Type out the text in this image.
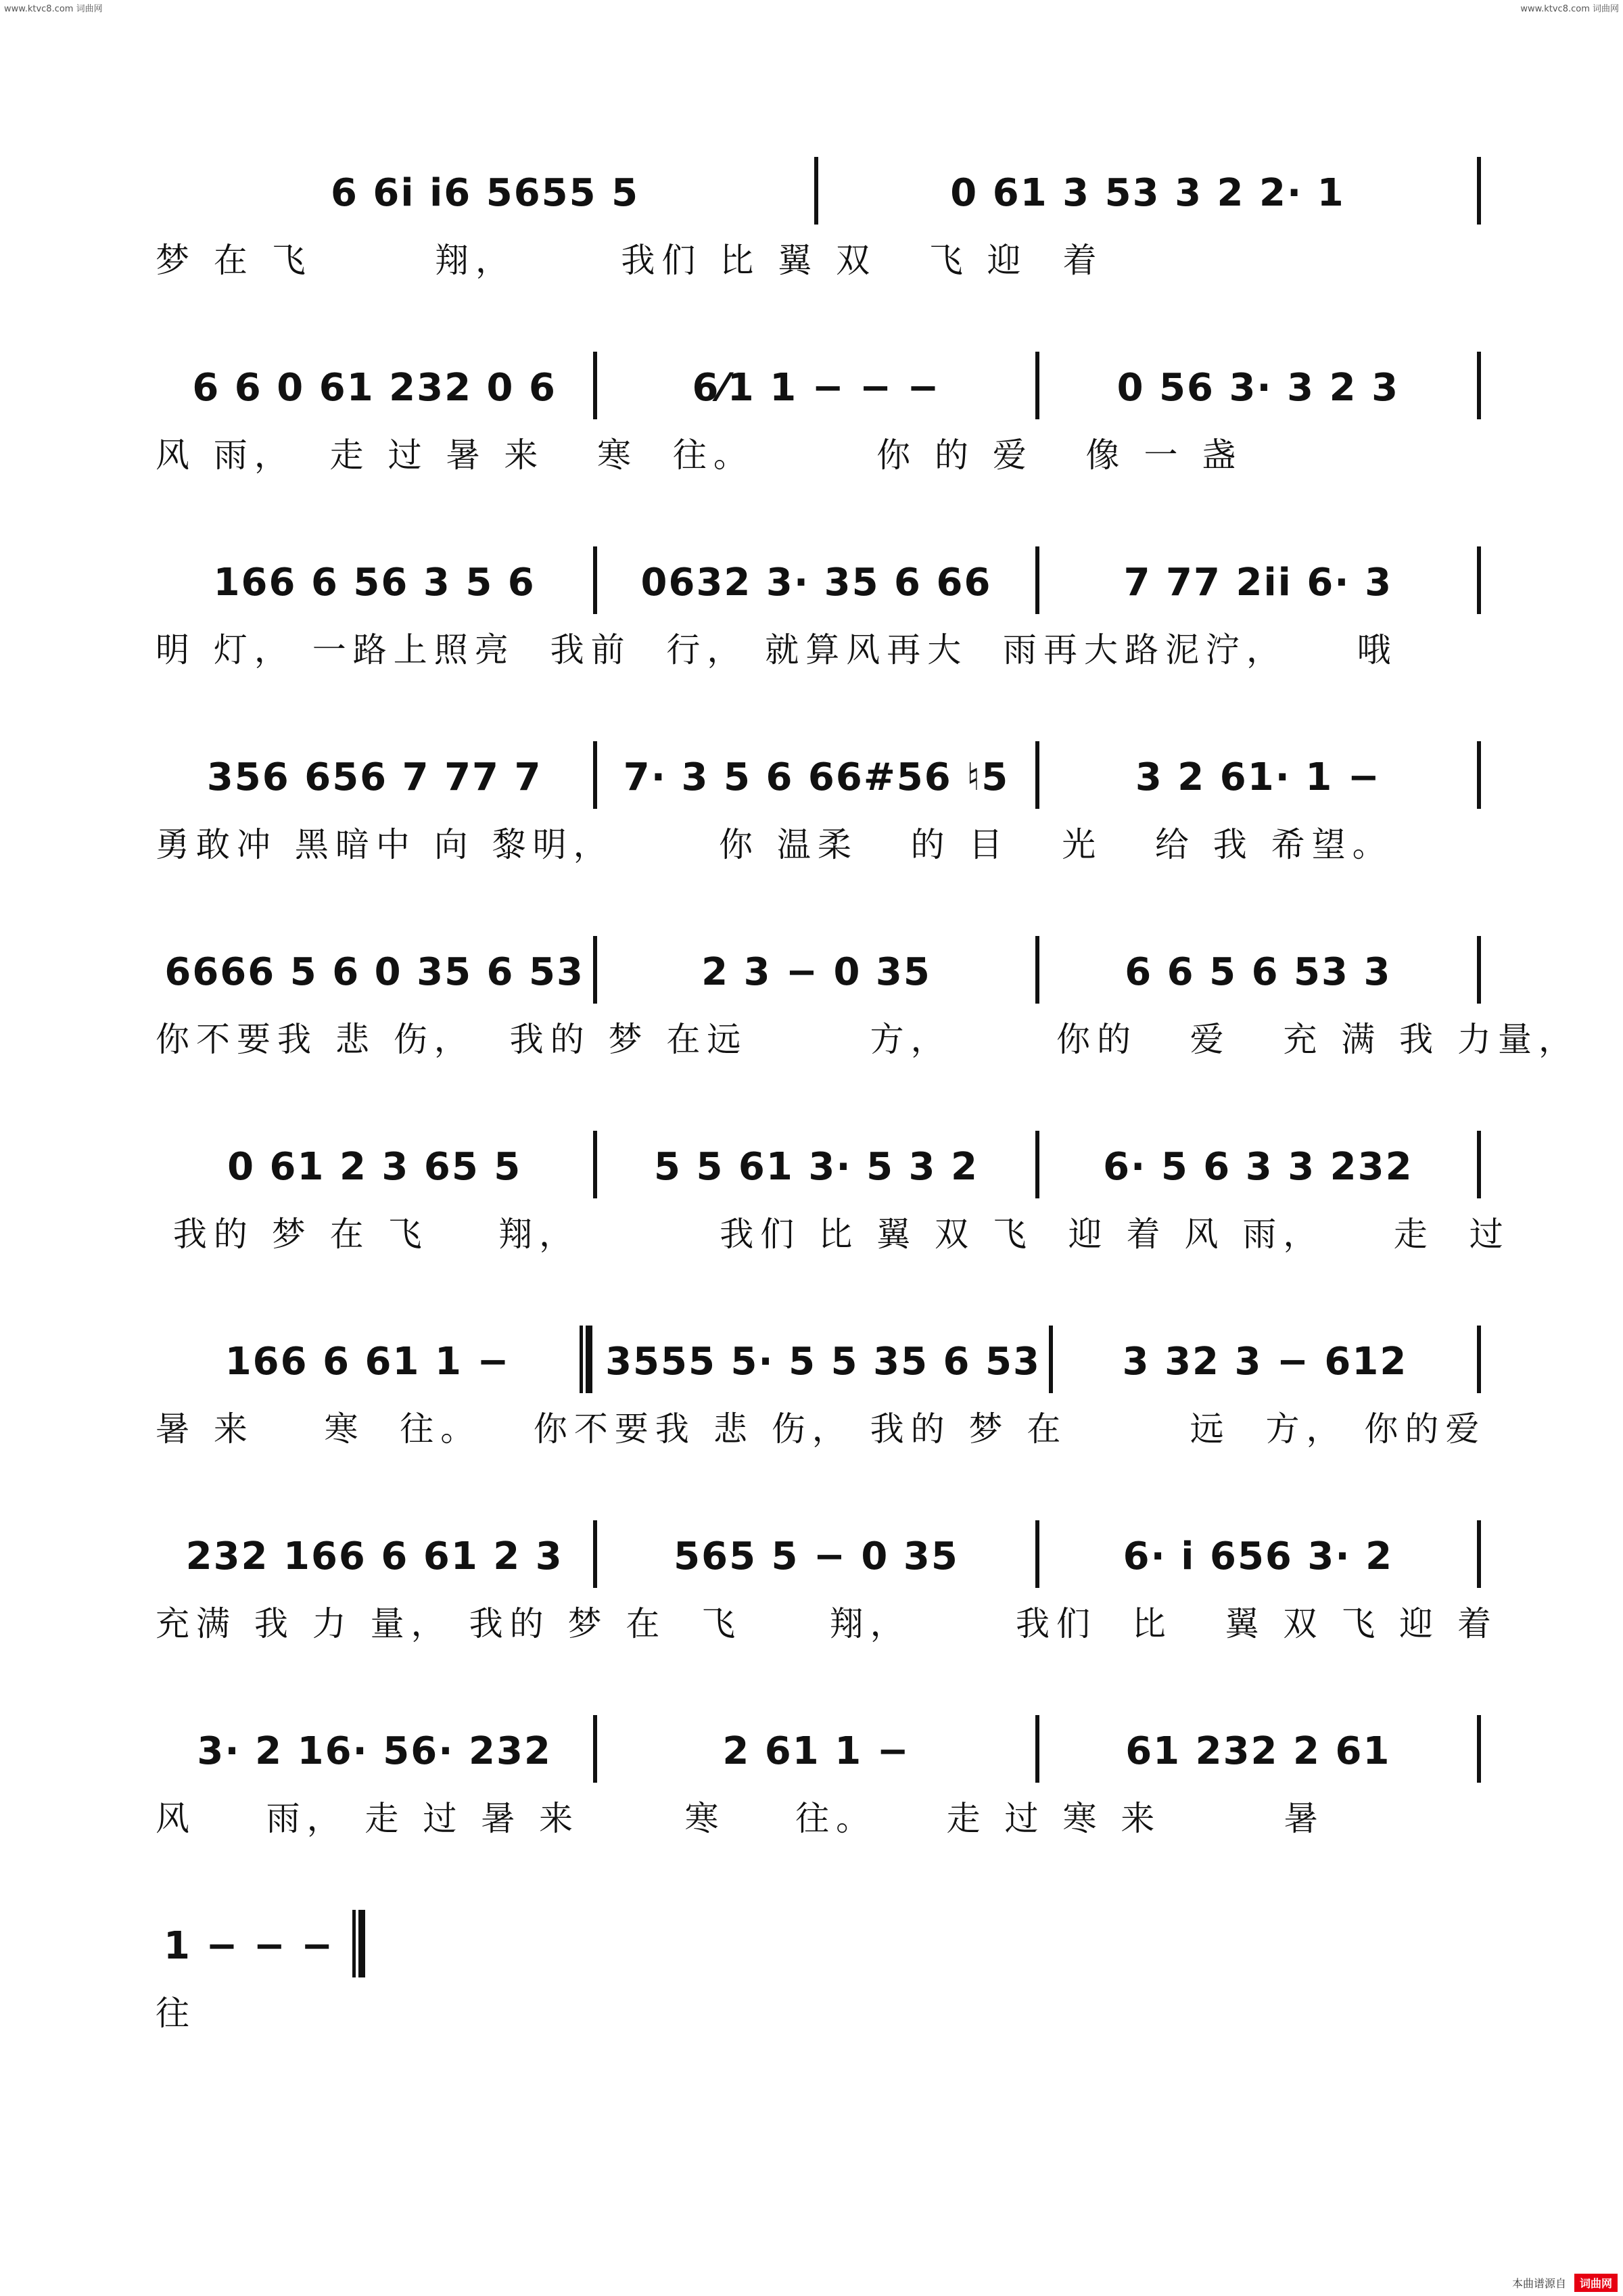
www.ktvc8.com 词曲网	www.ktvc8.com 词曲网
6 6i i6 5655 5	0 61 3 53 3 2 2· 1
梦 在 飞       翔，      我们 比 翼 双   飞 迎  着
6 6 0 61 232 0 6	6⁄1 1 − − −	0 56 3· 3 2 3
风 雨，  走 过 暑 来   寒  往。       你 的 爱   像 一 盏
166 6 56 3 5 6	0632 3· 35 6 66	7 77 2ii 6· 3
明 灯， 一路上照亮  我前  行， 就算风再大  雨再大路泥泞，    哦
356 656 7 77 7	7· 3 5 6 66#56 ♮5	3 2 61· 1 −
勇敢冲 黑暗中 向 黎明，      你 温柔   的 目   光   给 我 希望。
6666 5 6 0 35 6 53	2 3 − 0 35	6 6 5 6 53 3
你不要我 悲 伤，  我的 梦 在远       方，      你的   爱   充 满 我 力量，
0 61 2 3 65 5	5 5 61 3· 5 3 2	6· 5 6 3 3 232
我的 梦 在 飞    翔，        我们 比 翼 双 飞  迎 着 风 雨，    走  过
166 6 61 1 −	3555 5· 5 5 35 6 53	3 32 3 − 612
暑 来    寒  往。   你不要我 悲 伤， 我的 梦 在       远  方， 你的爱
232 166 6 61 2 3	565 5 − 0 35	6· i 656 3· 2
充满 我 力 量， 我的 梦 在  飞     翔，      我们  比   翼 双 飞 迎 着
3· 2 16· 56· 232	2 61 1 −	61 232 2 61
风    雨， 走 过 暑 来      寒    往。    走 过 寒 来       暑
1 − − −
往
本曲谱源自	词曲网
